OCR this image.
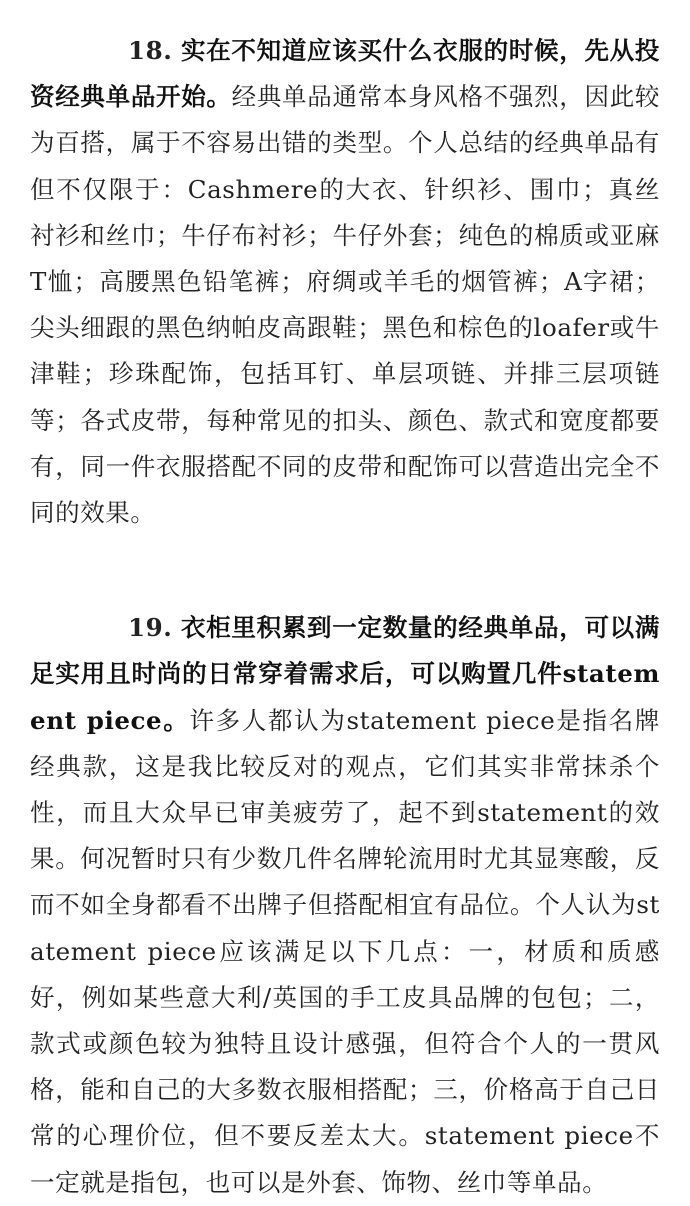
18. 实在不知道应该买什么衣服的时候，先从投资经典单品开始。经典单品通常本身风格不强烈，因此较为百搭，属于不容易出错的类型。个人总结的经典单品有但不仅限于：Cashmere的大衣、针织衫、围巾；真丝衬衫和丝巾；牛仔布衬衫；牛仔外套；纯色的棉质或亚麻T恤；高腰黑色铅笔裤；府绸或羊毛的烟管裤；A字裙；尖头细跟的黑色纳帕皮高跟鞋；黑色和棕色的loafer或牛津鞋；珍珠配饰，包括耳钉、单层项链、并排三层项链等；各式皮带，每种常见的扣头、颜色、款式和宽度都要有，同一件衣服搭配不同的皮带和配饰可以营造出完全不同的效果。

19. 衣柜里积累到一定数量的经典单品，可以满足实用且时尚的日常穿着需求后，可以购置几件statement piece。许多人都认为statement piece是指名牌经典款，这是我比较反对的观点，它们其实非常抹杀个性，而且大众早已审美疲劳了，起不到statement的效果。何况暂时只有少数几件名牌轮流用时尤其显寒酸，反而不如全身都看不出牌子但搭配相宜有品位。个人认为statement piece应该满足以下几点：一，材质和质感好，例如某些意大利/英国的手工皮具品牌的包包；二，款式或颜色较为独特且设计感强，但符合个人的一贯风格，能和自己的大多数衣服相搭配；三，价格高于自己日常的心理价位，但不要反差太大。statement piece不一定就是指包，也可以是外套、饰物、丝巾等单品。
